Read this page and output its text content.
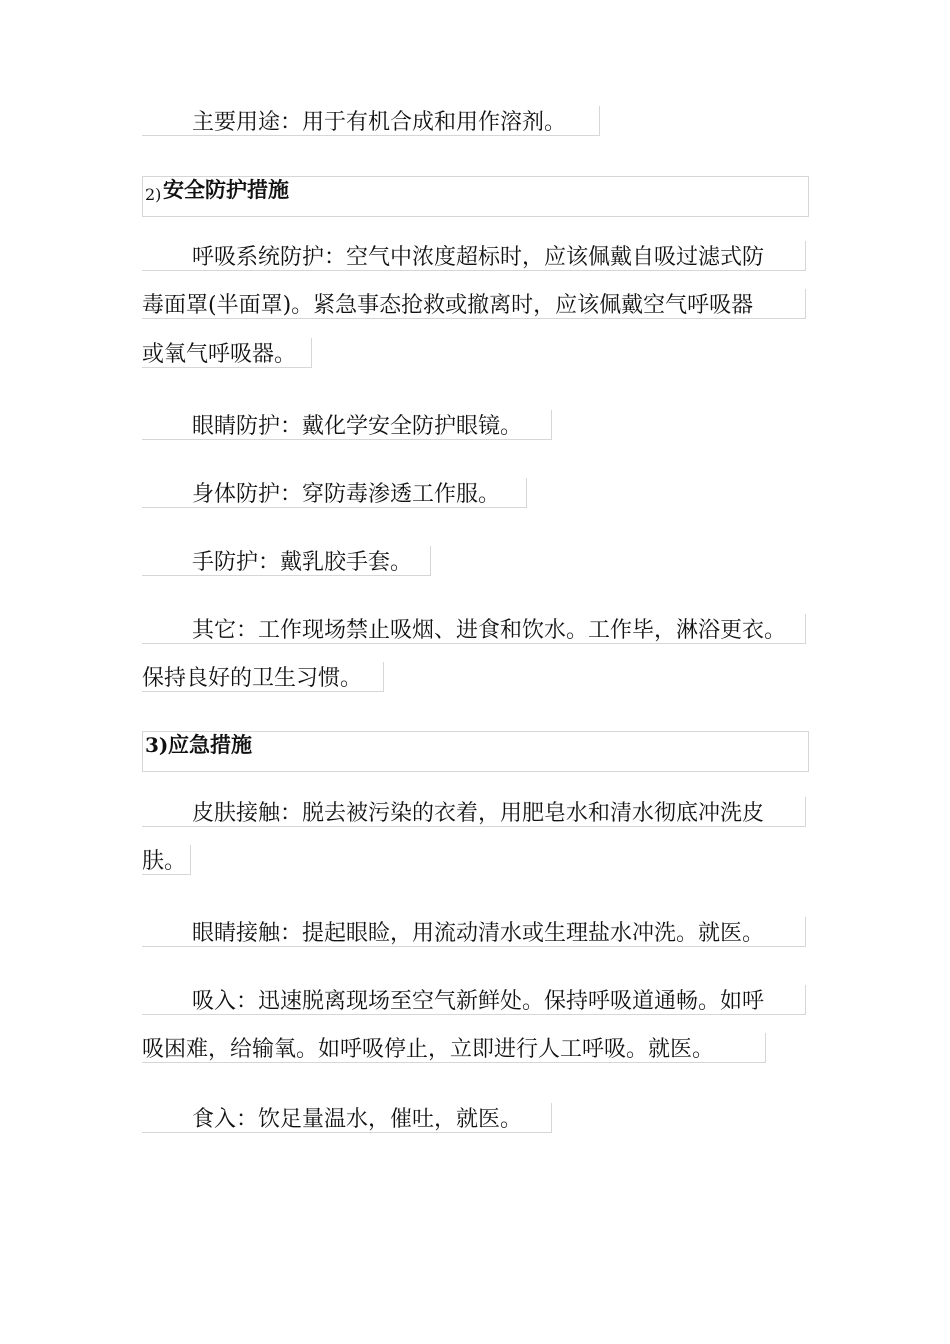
主要用途：用于有机合成和用作溶剂。
2) 安全防护措施
呼吸系统防护：空气中浓度超标时，应该佩戴自吸过滤式防
毒面罩(半面罩)。紧急事态抢救或撤离时，应该佩戴空气呼吸器
或氧气呼吸器。
眼睛防护：戴化学安全防护眼镜。
身体防护：穿防毒渗透工作服。
手防护：戴乳胶手套。
其它：工作现场禁止吸烟、进食和饮水。工作毕，淋浴更衣。
保持良好的卫生习惯。
3) 应急措施
皮肤接触：脱去被污染的衣着，用肥皂水和清水彻底冲洗皮
肤。
眼睛接触：提起眼睑，用流动清水或生理盐水冲洗。就医。
吸入：迅速脱离现场至空气新鲜处。保持呼吸道通畅。如呼
吸困难，给输氧。如呼吸停止，立即进行人工呼吸。就医。
食入：饮足量温水，催吐，就医。
